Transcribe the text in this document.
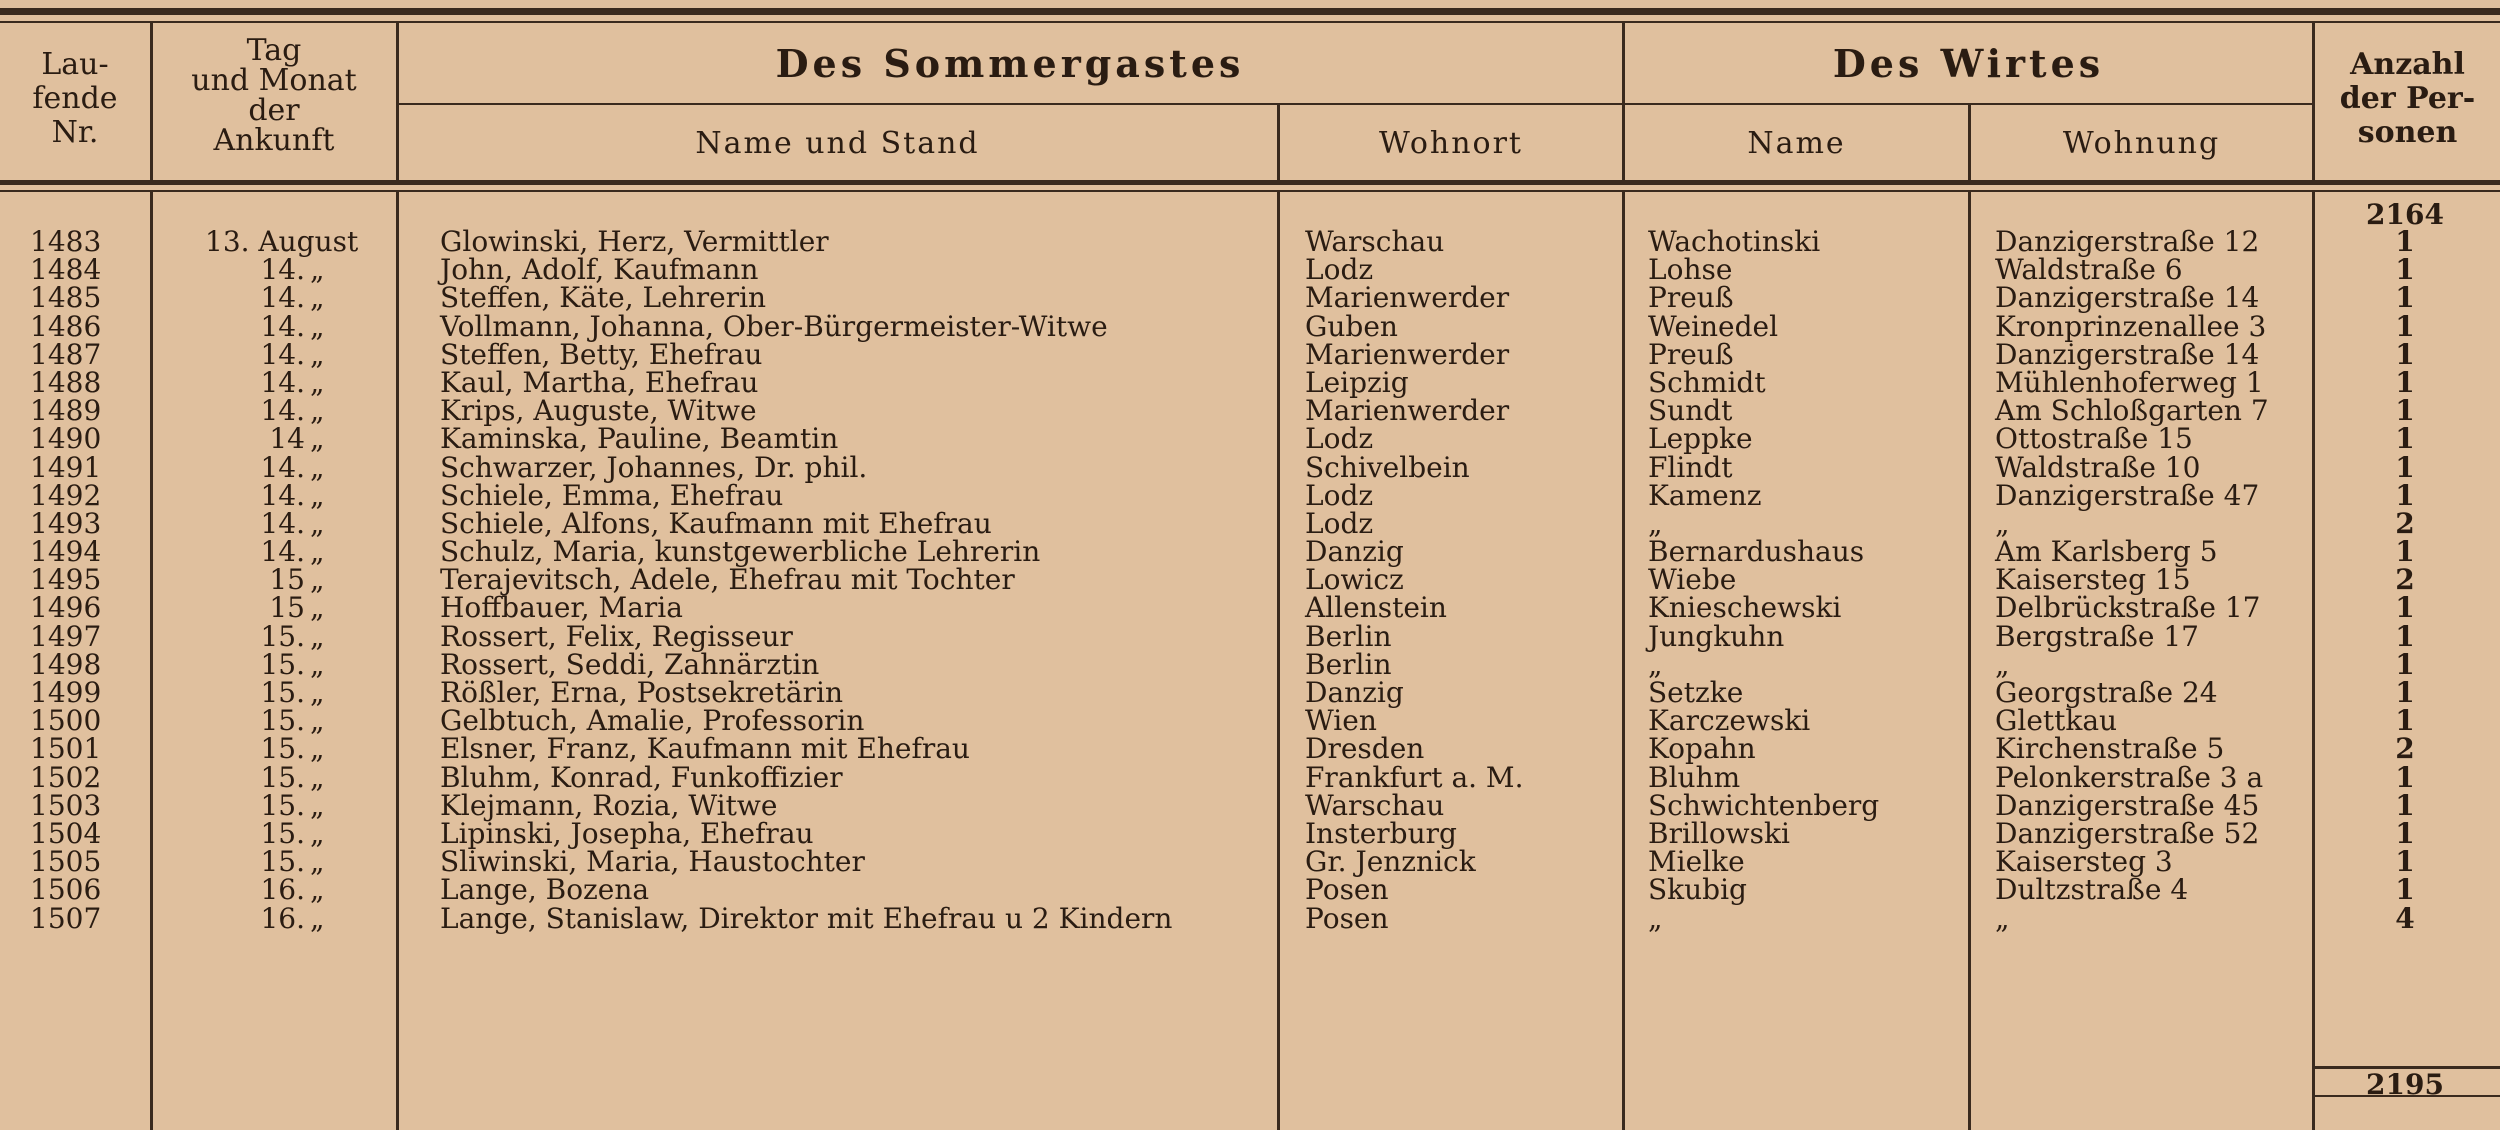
Lau-
fende
Nr.
Tag
und Monat
der
Ankunft
Des Sommergastes
Name und Stand	Wohnort
Des Wirtes
Name	Wohnung
Anzahl
der Per-
sonen
2164
1483	13. August	Glowinski, Herz, Vermittler	Warschau	Wachotinski	Danzigerstraße 12	1
1484	14. „	John, Adolf, Kaufmann	Lodz	Lohse	Waldstraße 6	1
1485	14. „	Steffen, Käte, Lehrerin	Marienwerder	Preuß	Danzigerstraße 14	1
1486	14. „	Vollmann, Johanna, Ober-Bürgermeister-Witwe	Guben	Weinedel	Kronprinzenallee 3	1
1487	14. „	Steffen, Betty, Ehefrau	Marienwerder	Preuß	Danzigerstraße 14	1
1488	14. „	Kaul, Martha, Ehefrau	Leipzig	Schmidt	Mühlenhoferweg 1	1
1489	14. „	Krips, Auguste, Witwe	Marienwerder	Sundt	Am Schloßgarten 7	1
1490	14 „	Kaminska, Pauline, Beamtin	Lodz	Leppke	Ottostraße 15	1
1491	14. „	Schwarzer, Johannes, Dr. phil.	Schivelbein	Flindt	Waldstraße 10	1
1492	14. „	Schiele, Emma, Ehefrau	Lodz	Kamenz	Danzigerstraße 47	1
1493	14. „	Schiele, Alfons, Kaufmann mit Ehefrau	Lodz	„	„	2
1494	14. „	Schulz, Maria, kunstgewerbliche Lehrerin	Danzig	Bernardushaus	Am Karlsberg 5	1
1495	15 „	Terajevitsch, Adele, Ehefrau mit Tochter	Lowicz	Wiebe	Kaisersteg 15	2
1496	15 „	Hoffbauer, Maria	Allenstein	Knieschewski	Delbrückstraße 17	1
1497	15. „	Rossert, Felix, Regisseur	Berlin	Jungkuhn	Bergstraße 17	1
1498	15. „	Rossert, Seddi, Zahnärztin	Berlin	„	„	1
1499	15. „	Rößler, Erna, Postsekretärin	Danzig	Setzke	Georgstraße 24	1
1500	15. „	Gelbtuch, Amalie, Professorin	Wien	Karczewski	Glettkau	1
1501	15. „	Elsner, Franz, Kaufmann mit Ehefrau	Dresden	Kopahn	Kirchenstraße 5	2
1502	15. „	Bluhm, Konrad, Funkoffizier	Frankfurt a. M.	Bluhm	Pelonkerstraße 3 a	1
1503	15. „	Klejmann, Rozia, Witwe	Warschau	Schwichtenberg	Danzigerstraße 45	1
1504	15. „	Lipinski, Josepha, Ehefrau	Insterburg	Brillowski	Danzigerstraße 52	1
1505	15. „	Sliwinski, Maria, Haustochter	Gr. Jenznick	Mielke	Kaisersteg 3	1
1506	16. „	Lange, Bozena	Posen	Skubig	Dultzstraße 4	1
1507	16. „	Lange, Stanislaw, Direktor mit Ehefrau u 2 Kindern	Posen	„	„	4
2195
